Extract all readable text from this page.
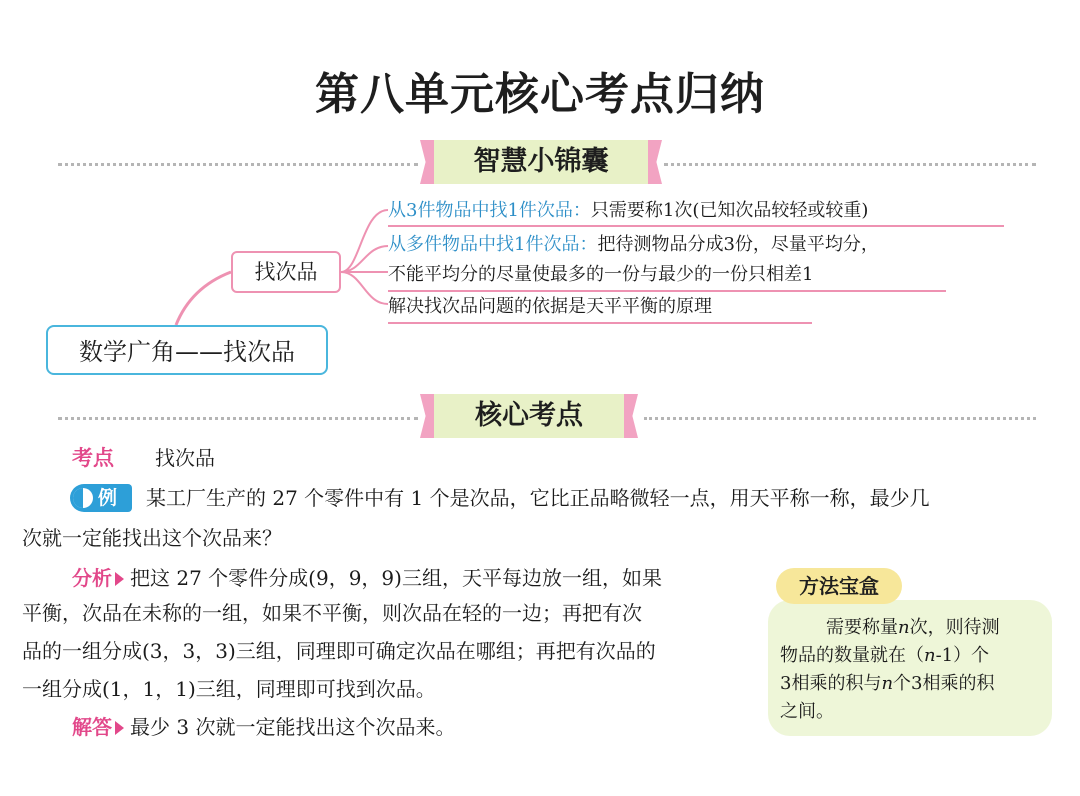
第八单元核心考点归纳
智慧小锦囊
数学广角——找次品
找次品
从3件物品中找1件次品：只需要称1次(已知次品较轻或较重)
从多件物品中找1件次品：把待测物品分成3份，尽量平均分，
不能平均分的尽量使最多的一份与最少的一份只相差1
解决找次品问题的依据是天平平衡的原理
核心考点
考点 找次品
例 某工厂生产的 27 个零件中有 1 个是次品，它比正品略微轻一点，用天平称一称，最少几
次就一定能找出这个次品来？
分析 把这 27 个零件分成(9，9，9)三组，天平每边放一组，如果
平衡，次品在未称的一组，如果不平衡，则次品在轻的一边；再把有次
品的一组分成(3，3，3)三组，同理即可确定次品在哪组；再把有次品的
一组分成(1，1，1)三组，同理即可找到次品。
解答 最少 3 次就一定能找出这个次品来。
方法宝盒
需要称量n次，则待测
物品的数量就在（n-1）个
3相乘的积与n个3相乘的积
之间。
